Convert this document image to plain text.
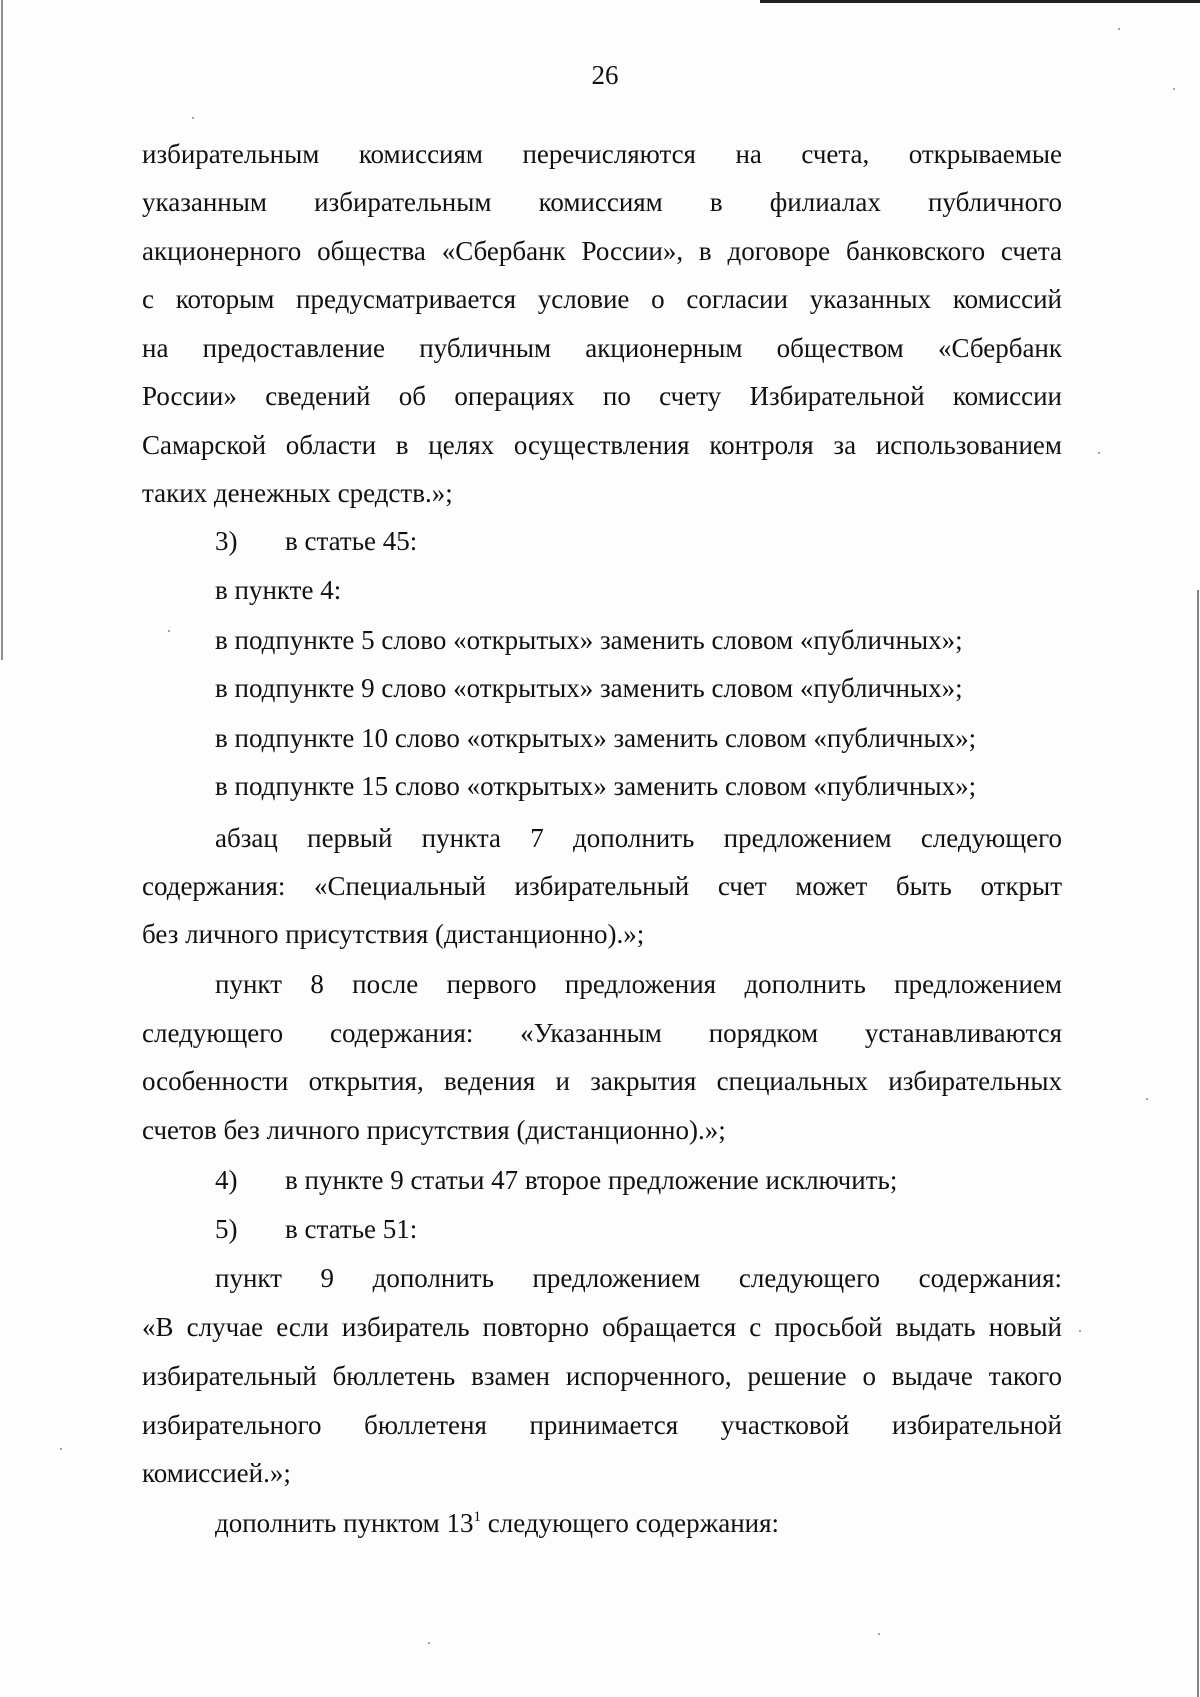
26
избирательным комиссиям перечисляются на счета, открываемые
указанным избирательным комиссиям в филиалах публичного
акционерного общества «Сбербанк России», в договоре банковского счета
с которым предусматривается условие о согласии указанных комиссий
на предоставление публичным акционерным обществом «Сбербанк
России» сведений об операциях по счету Избирательной комиссии
Самарской области в целях осуществления контроля за использованием
таких денежных средств.»;
3) в статье 45:
в пункте 4:
в подпункте 5 слово «открытых» заменить словом «публичных»;
в подпункте 9 слово «открытых» заменить словом «публичных»;
в подпункте 10 слово «открытых» заменить словом «публичных»;
в подпункте 15 слово «открытых» заменить словом «публичных»;
абзац первый пункта 7 дополнить предложением следующего
содержания: «Специальный избирательный счет может быть открыт
без личного присутствия (дистанционно).»;
пункт 8 после первого предложения дополнить предложением
следующего содержания: «Указанным порядком устанавливаются
особенности открытия, ведения и закрытия специальных избирательных
счетов без личного присутствия (дистанционно).»;
4) в пункте 9 статьи 47 второе предложение исключить;
5) в статье 51:
пункт 9 дополнить предложением следующего содержания:
«В случае если избиратель повторно обращается с просьбой выдать новый
избирательный бюллетень взамен испорченного, решение о выдаче такого
избирательного бюллетеня принимается участковой избирательной
комиссией.»;
дополнить пунктом $13^1$ следующего содержания:
